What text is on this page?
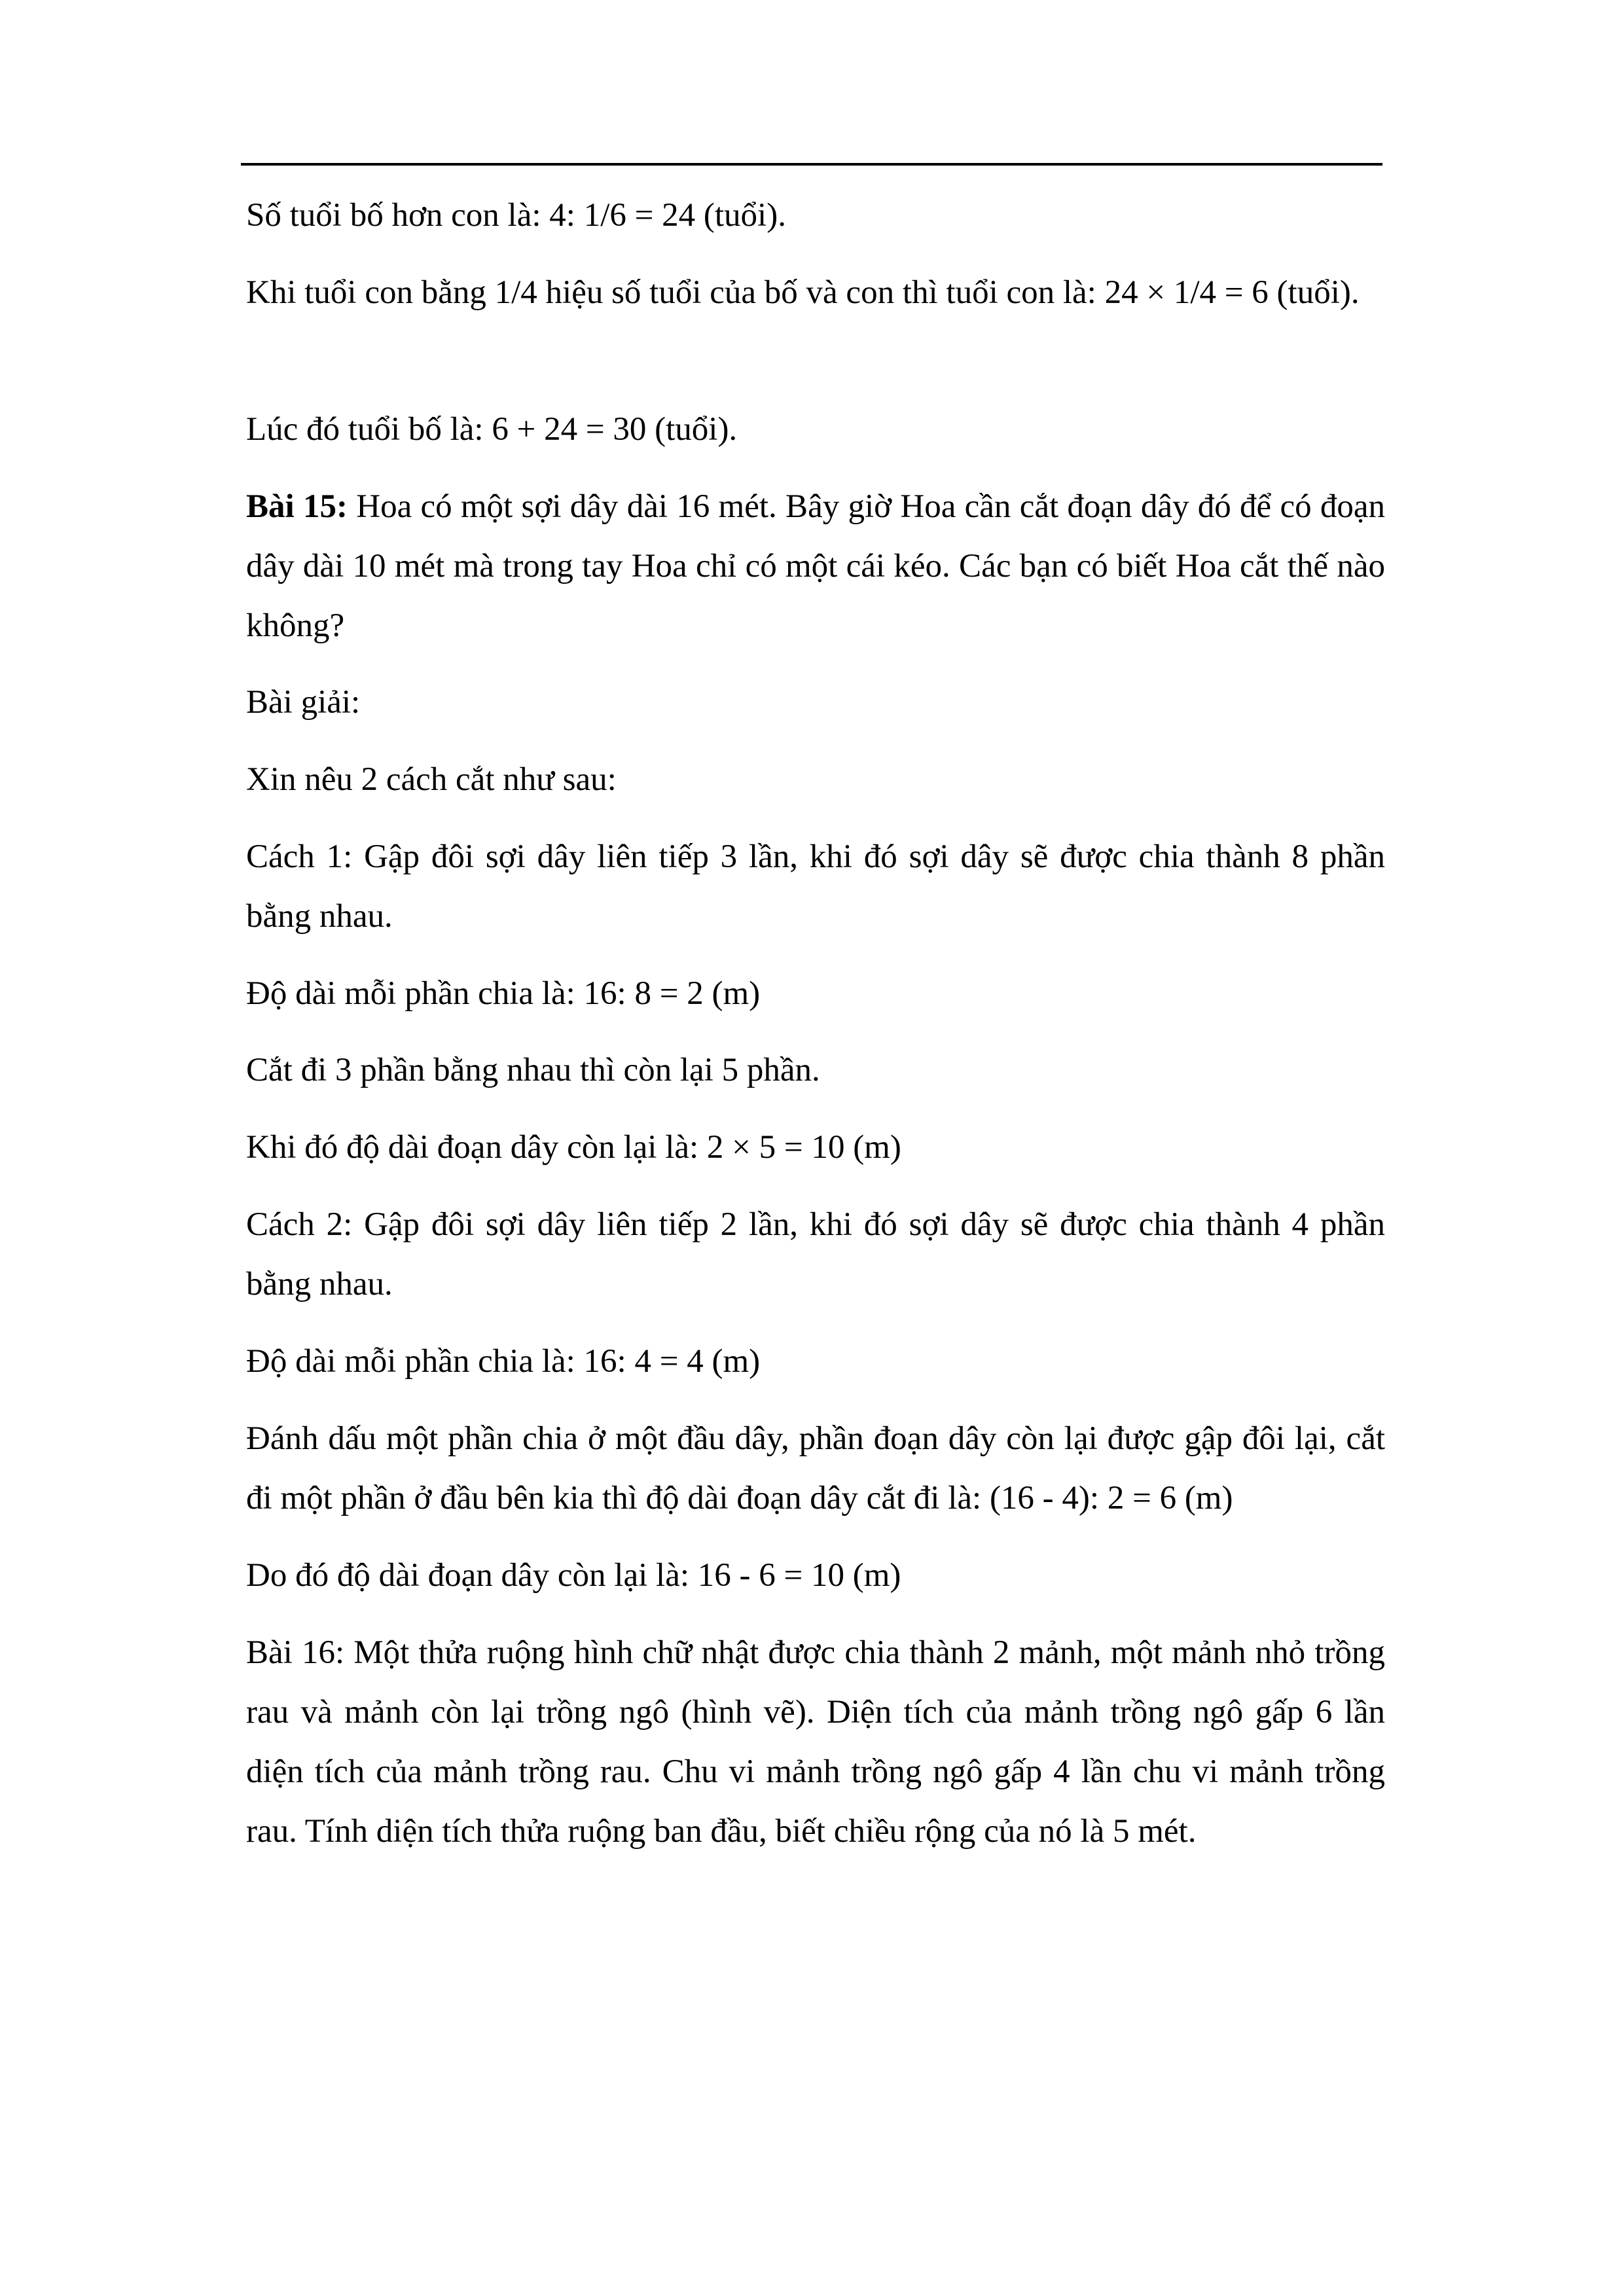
Số tuổi bố hơn con là: 4: 1/6 = 24 (tuổi).

Khi tuổi con bằng 1/4 hiệu số tuổi của bố và con thì tuổi con là: 24 × 1/4 = 6 (tuổi).

Lúc đó tuổi bố là: 6 + 24 = 30 (tuổi).

Bài 15: Hoa có một sợi dây dài 16 mét. Bây giờ Hoa cần cắt đoạn dây đó để có đoạn dây dài 10 mét mà trong tay Hoa chỉ có một cái kéo. Các bạn có biết Hoa cắt thế nào không?

Bài giải:

Xin nêu 2 cách cắt như sau:

Cách 1: Gập đôi sợi dây liên tiếp 3 lần, khi đó sợi dây sẽ được chia thành 8 phần bằng nhau.

Độ dài mỗi phần chia là: 16: 8 = 2 (m)

Cắt đi 3 phần bằng nhau thì còn lại 5 phần.

Khi đó độ dài đoạn dây còn lại là: 2 × 5 = 10 (m)

Cách 2: Gập đôi sợi dây liên tiếp 2 lần, khi đó sợi dây sẽ được chia thành 4 phần bằng nhau.

Độ dài mỗi phần chia là: 16: 4 = 4 (m)

Đánh dấu một phần chia ở một đầu dây, phần đoạn dây còn lại được gập đôi lại, cắt đi một phần ở đầu bên kia thì độ dài đoạn dây cắt đi là: (16 - 4): 2 = 6 (m)

Do đó độ dài đoạn dây còn lại là: 16 - 6 = 10 (m)

Bài 16: Một thửa ruộng hình chữ nhật được chia thành 2 mảnh, một mảnh nhỏ trồng rau và mảnh còn lại trồng ngô (hình vẽ). Diện tích của mảnh trồng ngô gấp 6 lần diện tích của mảnh trồng rau. Chu vi mảnh trồng ngô gấp 4 lần chu vi mảnh trồng rau. Tính diện tích thửa ruộng ban đầu, biết chiều rộng của nó là 5 mét.
